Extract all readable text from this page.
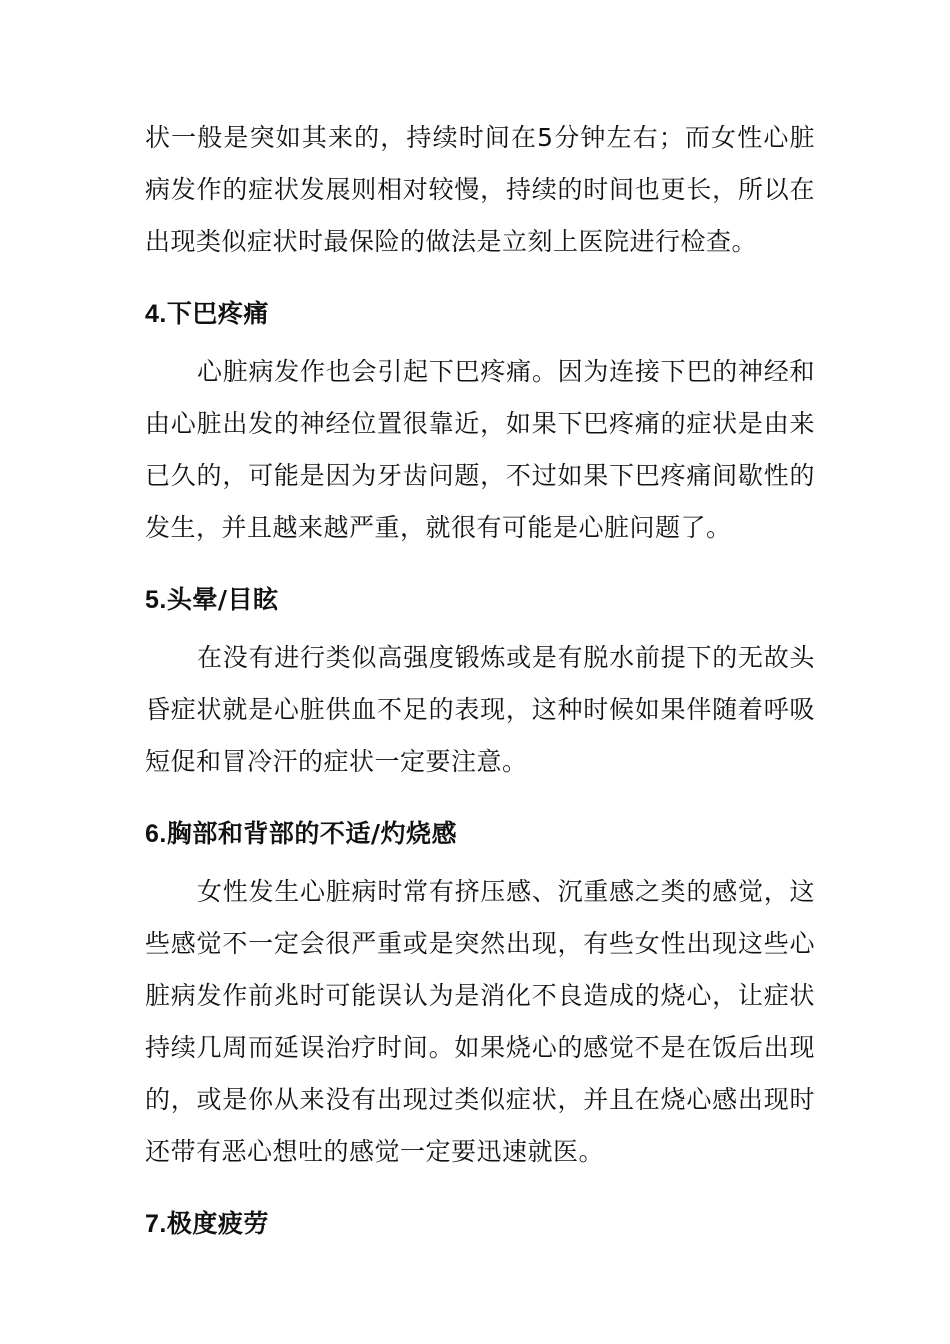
状一般是突如其来的，持续时间在5分钟左右；而女性心脏病发作的症状发展则相对较慢，持续的时间也更长，所以在出现类似症状时最保险的做法是立刻上医院进行检查。

4.下巴疼痛

心脏病发作也会引起下巴疼痛。因为连接下巴的神经和由心脏出发的神经位置很靠近，如果下巴疼痛的症状是由来已久的，可能是因为牙齿问题，不过如果下巴疼痛间歇性的发生，并且越来越严重，就很有可能是心脏问题了。

5.头晕/目眩

在没有进行类似高强度锻炼或是有脱水前提下的无故头昏症状就是心脏供血不足的表现，这种时候如果伴随着呼吸短促和冒冷汗的症状一定要注意。

6.胸部和背部的不适/灼烧感

女性发生心脏病时常有挤压感、沉重感之类的感觉，这些感觉不一定会很严重或是突然出现，有些女性出现这些心脏病发作前兆时可能误认为是消化不良造成的烧心，让症状持续几周而延误治疗时间。如果烧心的感觉不是在饭后出现的，或是你从来没有出现过类似症状，并且在烧心感出现时还带有恶心想吐的感觉一定要迅速就医。

7.极度疲劳
